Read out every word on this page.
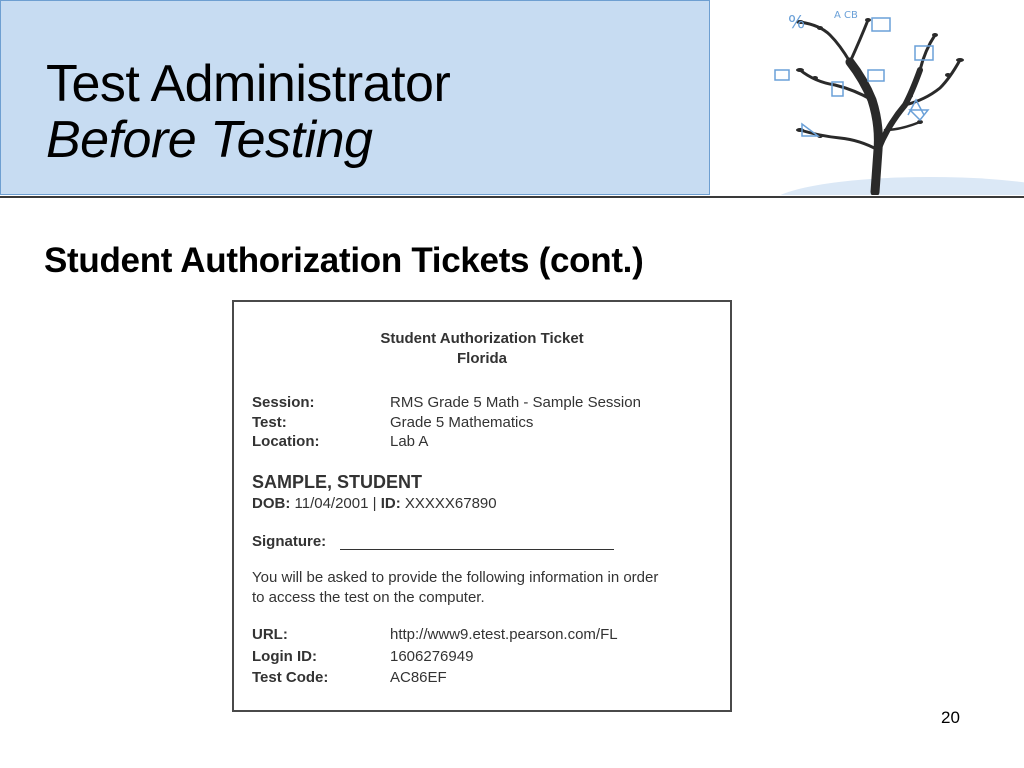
Test Administrator
Before Testing
%	A CB
Student Authorization Tickets (cont.)
Student Authorization Ticket
Florida
Session:	RMS Grade 5 Math - Sample Session
Test:	Grade 5 Mathematics
Location:	Lab A
SAMPLE, STUDENT
DOB: 11/04/2001 | ID: XXXXX67890
Signature:
You will be asked to provide the following information in order
to access the test on the computer.
URL:	http://www9.etest.pearson.com/FL
Login ID:	1606276949
Test Code:	AC86EF
20
